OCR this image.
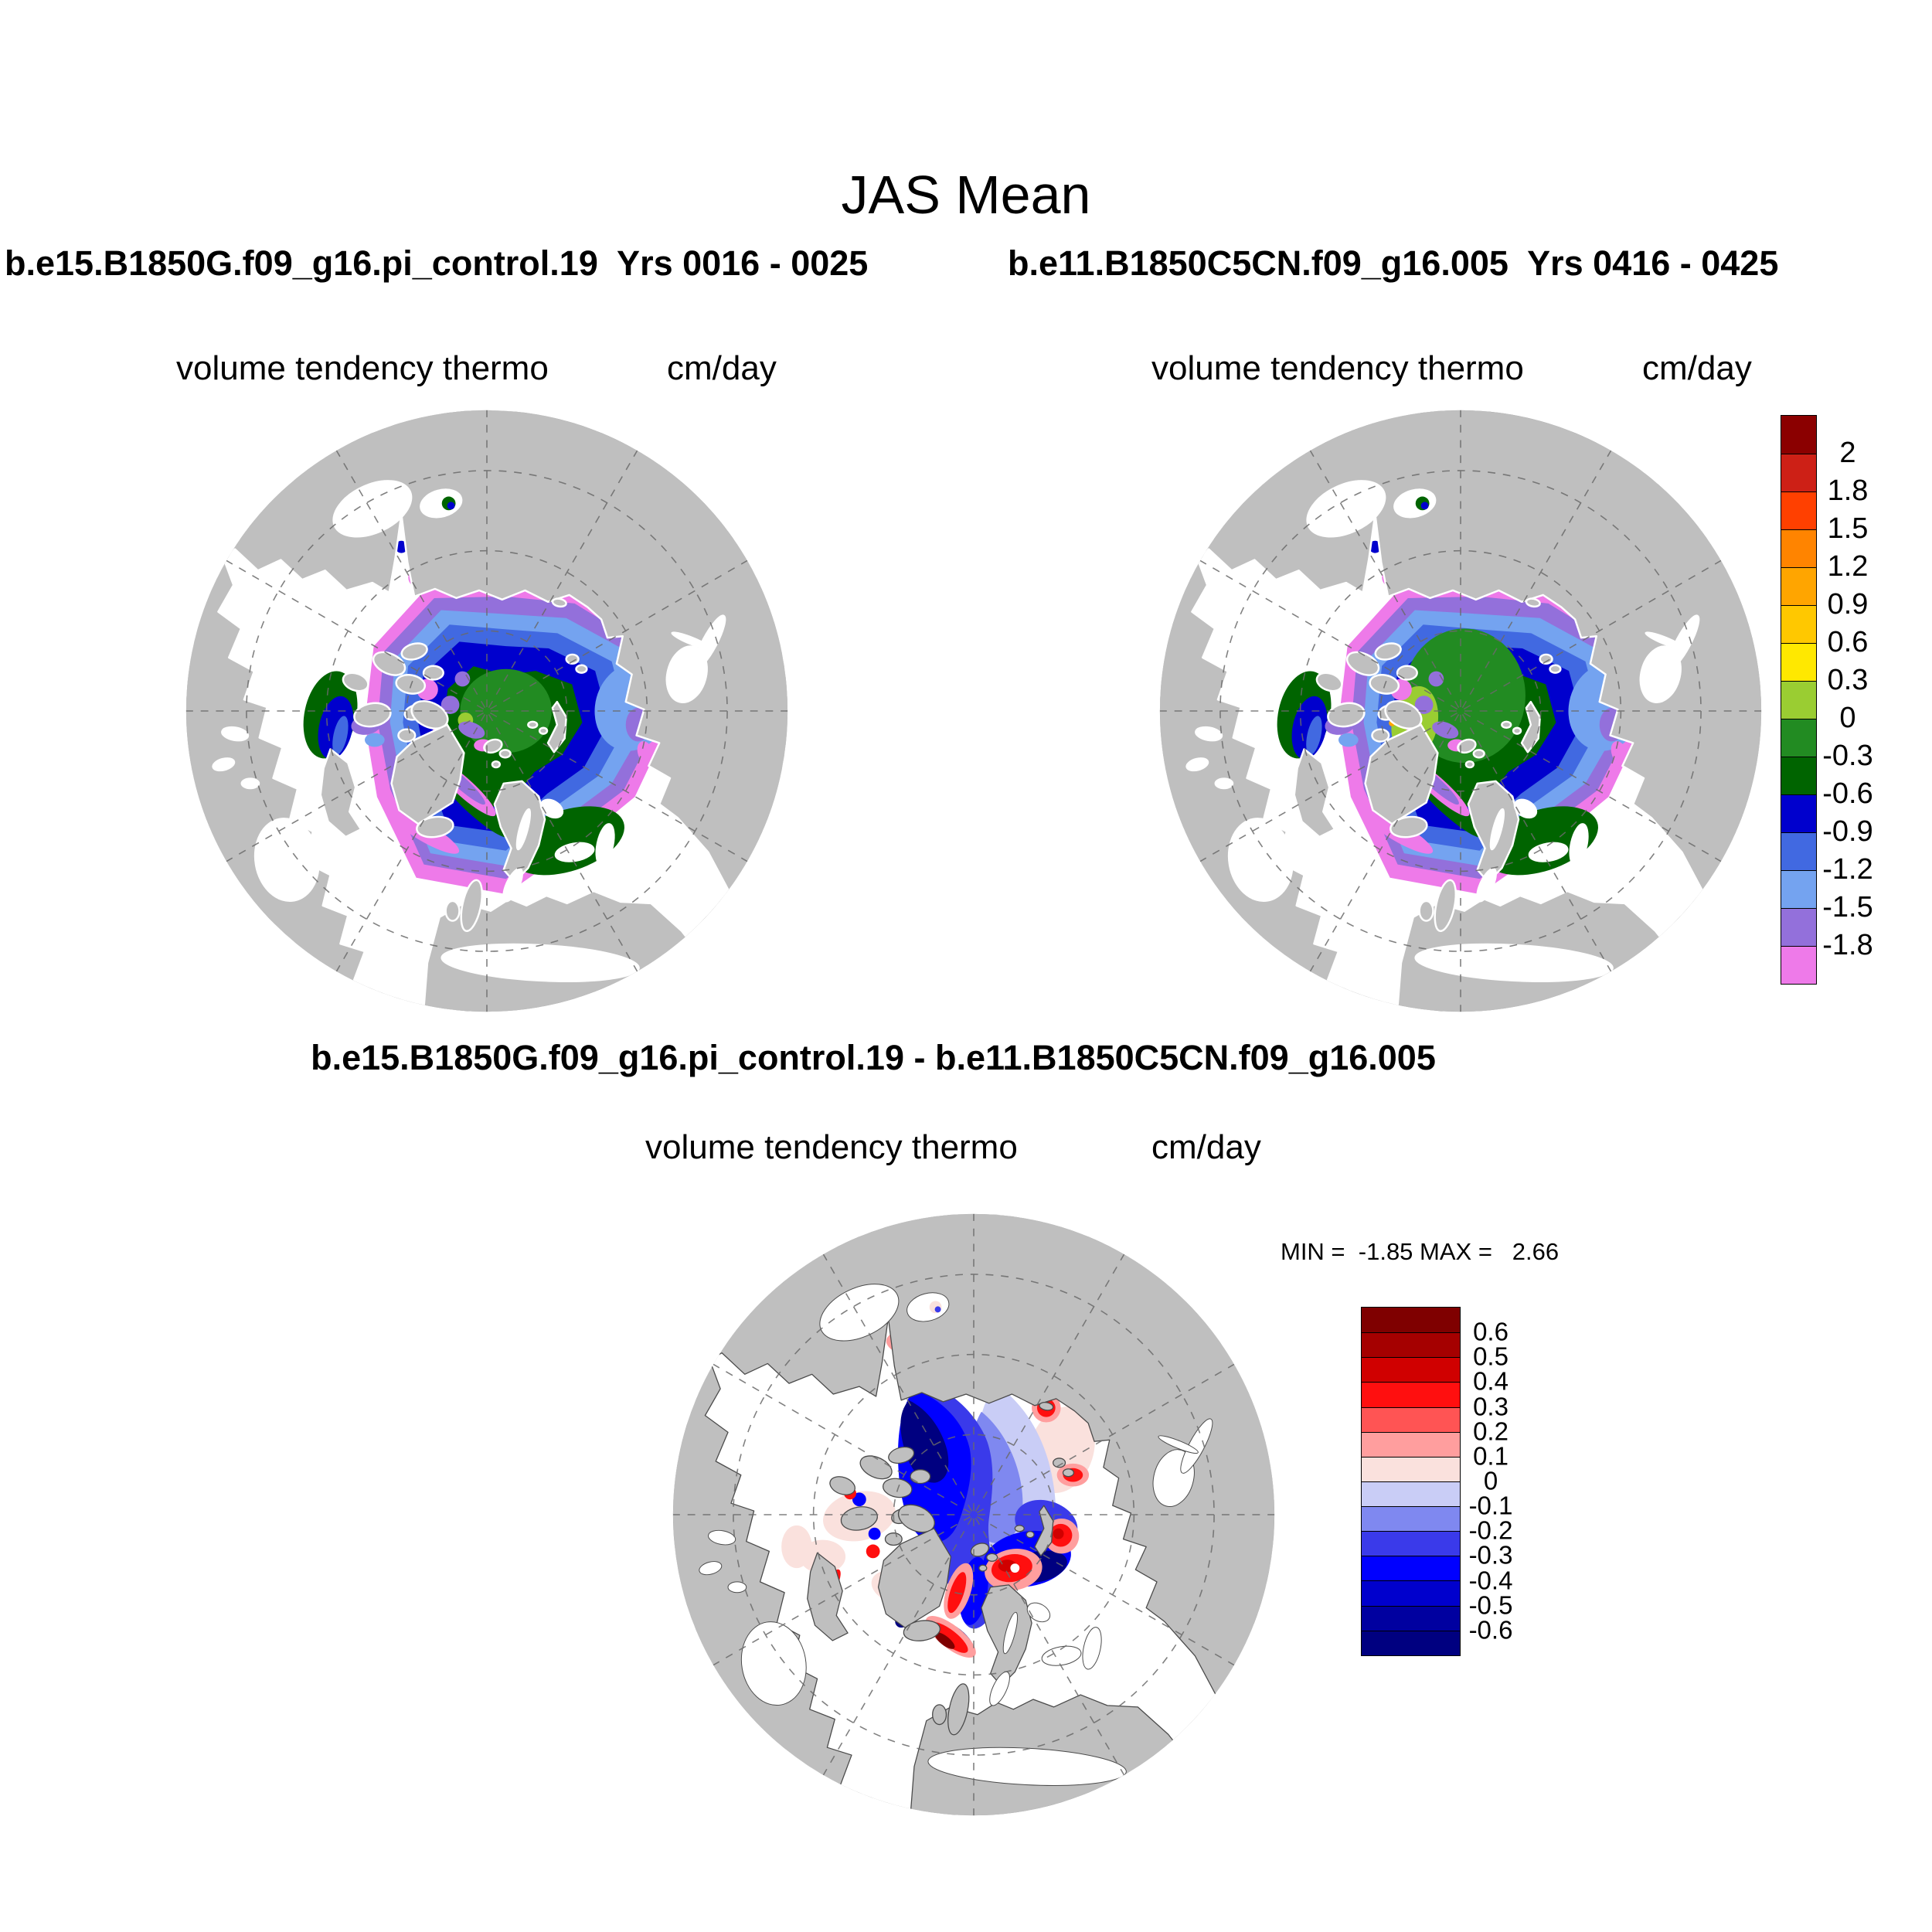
JAS Mean
b.e15.B1850G.f09_g16.pi_control.19  Yrs 0016 - 0025	b.e11.B1850C5CN.f09_g16.005  Yrs 0416 - 0425
volume tendency thermo	cm/day	volume tendency thermo	cm/day
b.e15.B1850G.f09_g16.pi_control.19 - b.e11.B1850C5CN.f09_g16.005
volume tendency thermo	cm/day
MIN =  -1.85 MAX =   2.66
2
1.8
1.5
1.2
0.9
0.6
0.3
0
-0.3
-0.6
-0.9
-1.2
-1.5
-1.8
0.6
0.5
0.4
0.3
0.2
0.1
0
-0.1
-0.2
-0.3
-0.4
-0.5
-0.6
